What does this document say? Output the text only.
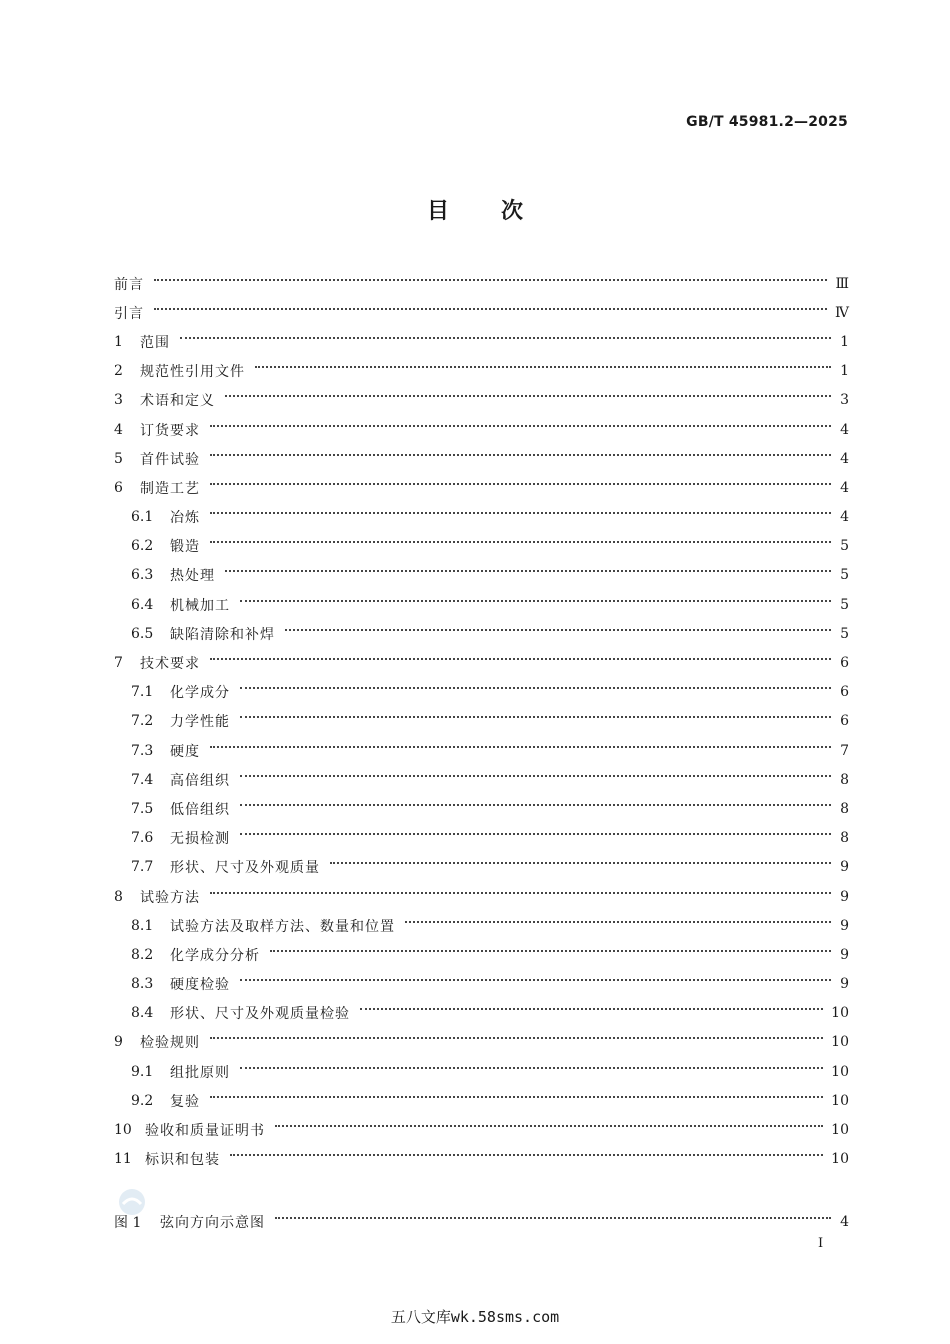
GB/T 45981.2—2025
目次
前言	Ⅲ
引言	Ⅳ
1	范围	1
2	规范性引用文件	1
3	术语和定义	3
4	订货要求	4
5	首件试验	4
6	制造工艺	4
6.1	冶炼	4
6.2	锻造	5
6.3	热处理	5
6.4	机械加工	5
6.5	缺陷清除和补焊	5
7	技术要求	6
7.1	化学成分	6
7.2	力学性能	6
7.3	硬度	7
7.4	高倍组织	8
7.5	低倍组织	8
7.6	无损检测	8
7.7	形状、尺寸及外观质量	9
8	试验方法	9
8.1	试验方法及取样方法、数量和位置	9
8.2	化学成分分析	9
8.3	硬度检验	9
8.4	形状、尺寸及外观质量检验	10
9	检验规则	10
9.1	组批原则	10
9.2	复验	10
10 验收和质量证明书	10
11 标识和包装	10
图 1	弦向方向示意图	4
Ⅰ
五八文库wk.58sms.com
